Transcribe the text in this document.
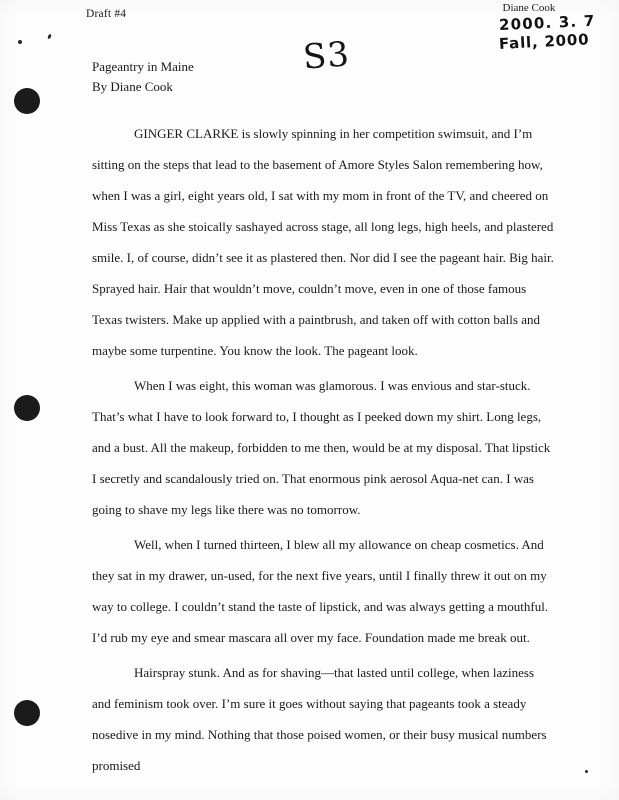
Draft #4	Diane Cook
2000. 3. 7
Fall, 2000
S3
Pageantry in Maine
By Diane Cook

GINGER CLARKE is slowly spinning in her competition swimsuit, and I’m sitting on the steps that lead to the basement of Amore Styles Salon remembering how, when I was a girl, eight years old, I sat with my mom in front of the TV, and cheered on Miss Texas as she stoically sashayed across stage, all long legs, high heels, and plastered smile. I, of course, didn’t see it as plastered then. Nor did I see the pageant hair. Big hair. Sprayed hair. Hair that wouldn’t move, couldn’t move, even in one of those famous Texas twisters. Make up applied with a paintbrush, and taken off with cotton balls and maybe some turpentine. You know the look. The pageant look.

When I was eight, this woman was glamorous. I was envious and star-stuck. That’s what I have to look forward to, I thought as I peeked down my shirt. Long legs, and a bust. All the makeup, forbidden to me then, would be at my disposal. That lipstick I secretly and scandalously tried on. That enormous pink aerosol Aqua-net can. I was going to shave my legs like there was no tomorrow.

Well, when I turned thirteen, I blew all my allowance on cheap cosmetics. And they sat in my drawer, un-used, for the next five years, until I finally threw it out on my way to college. I couldn’t stand the taste of lipstick, and was always getting a mouthful. I’d rub my eye and smear mascara all over my face. Foundation made me break out.

Hairspray stunk. And as for shaving—that lasted until college, when laziness and feminism took over. I’m sure it goes without saying that pageants took a steady nosedive in my mind. Nothing that those poised women, or their busy musical numbers promised
